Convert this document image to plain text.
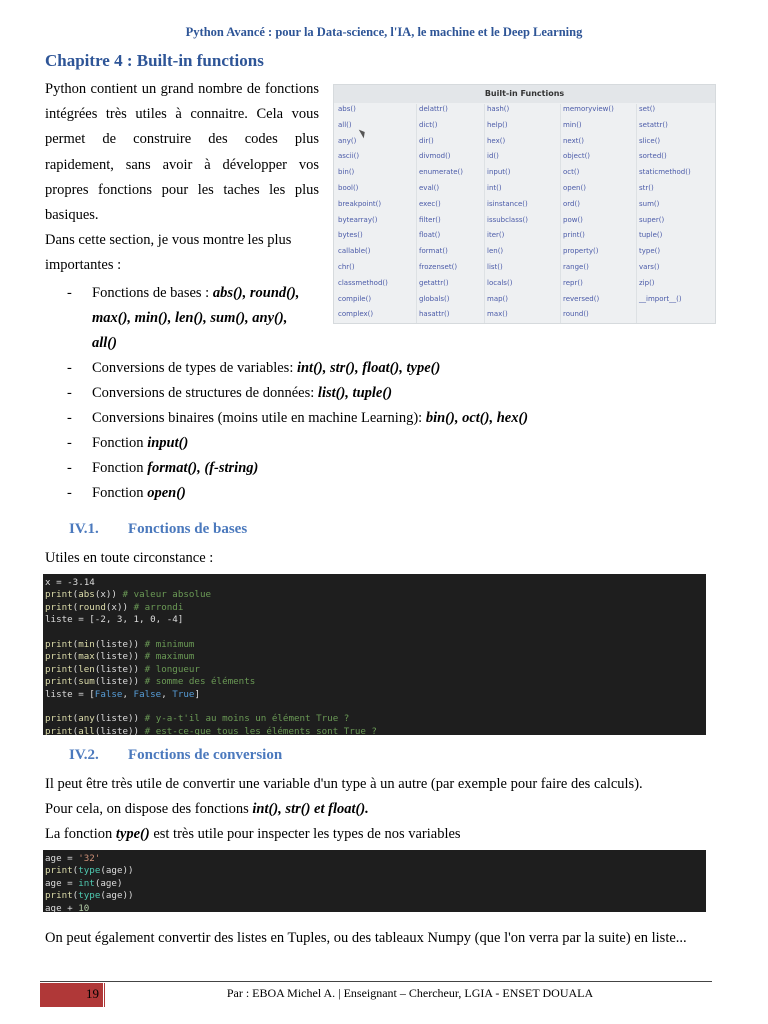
Python Avancé : pour la Data-science, l'IA, le machine et le Deep Learning
Chapitre 4 : Built-in functions

Python contient un grand nombre de fonctions intégrées très utiles à connaitre. Cela vous permet de construire des codes plus rapidement, sans avoir à développer vos propres fonctions pour les taches les plus basiques.

Dans cette section, je vous montre les plus importantes :

Built-in Functions
abs()
all()
any()
ascii()
bin()
bool()
breakpoint()
bytearray()
bytes()
callable()
chr()
classmethod()
compile()
complex()
delattr()
dict()
dir()
divmod()
enumerate()
eval()
exec()
filter()
float()
format()
frozenset()
getattr()
globals()
hasattr()
hash()
help()
hex()
id()
input()
int()
isinstance()
issubclass()
iter()
len()
list()
locals()
map()
max()
memoryview()
min()
next()
object()
oct()
open()
ord()
pow()
print()
property()
range()
repr()
reversed()
round()
set()
setattr()
slice()
sorted()
staticmethod()
str()
sum()
super()
tuple()
type()
vars()
zip()
__import__()
- Fonctions de bases : abs(), round(),
max(), min(), len(), sum(), any(),
all()
- Conversions de types de variables: int(), str(), float(), type()
- Conversions de structures de données: list(), tuple()
- Conversions binaires (moins utile en machine Learning): bin(), oct(), hex()
- Fonction input()
- Fonction format(), (f-string)
- Fonction open()
IV.1. Fonctions de bases
Utiles en toute circonstance :
x = -3.14
print(abs(x)) # valeur absolue
print(round(x)) # arrondi
liste = [-2, 3, 1, 0, -4]
print(min(liste)) # minimum
print(max(liste)) # maximum
print(len(liste)) # longueur
print(sum(liste)) # somme des éléments
liste = [False, False, True]
print(any(liste)) # y-a-t'il au moins un élément True ?
print(all(liste)) # est-ce-que tous les éléments sont True ?
IV.2. Fonctions de conversion
Il peut être très utile de convertir une variable d'un type à un autre (par exemple pour faire des calculs).
Pour cela, on dispose des fonctions int(), str() et float().
La fonction type() est très utile pour inspecter les types de nos variables
age = '32'
print(type(age))
age = int(age)
print(type(age))
age + 10
On peut également convertir des listes en Tuples, ou des tableaux Numpy (que l'on verra par la suite) en liste...
19	Par : EBOA Michel A. | Enseignant – Chercheur, LGIA - ENSET DOUALA
